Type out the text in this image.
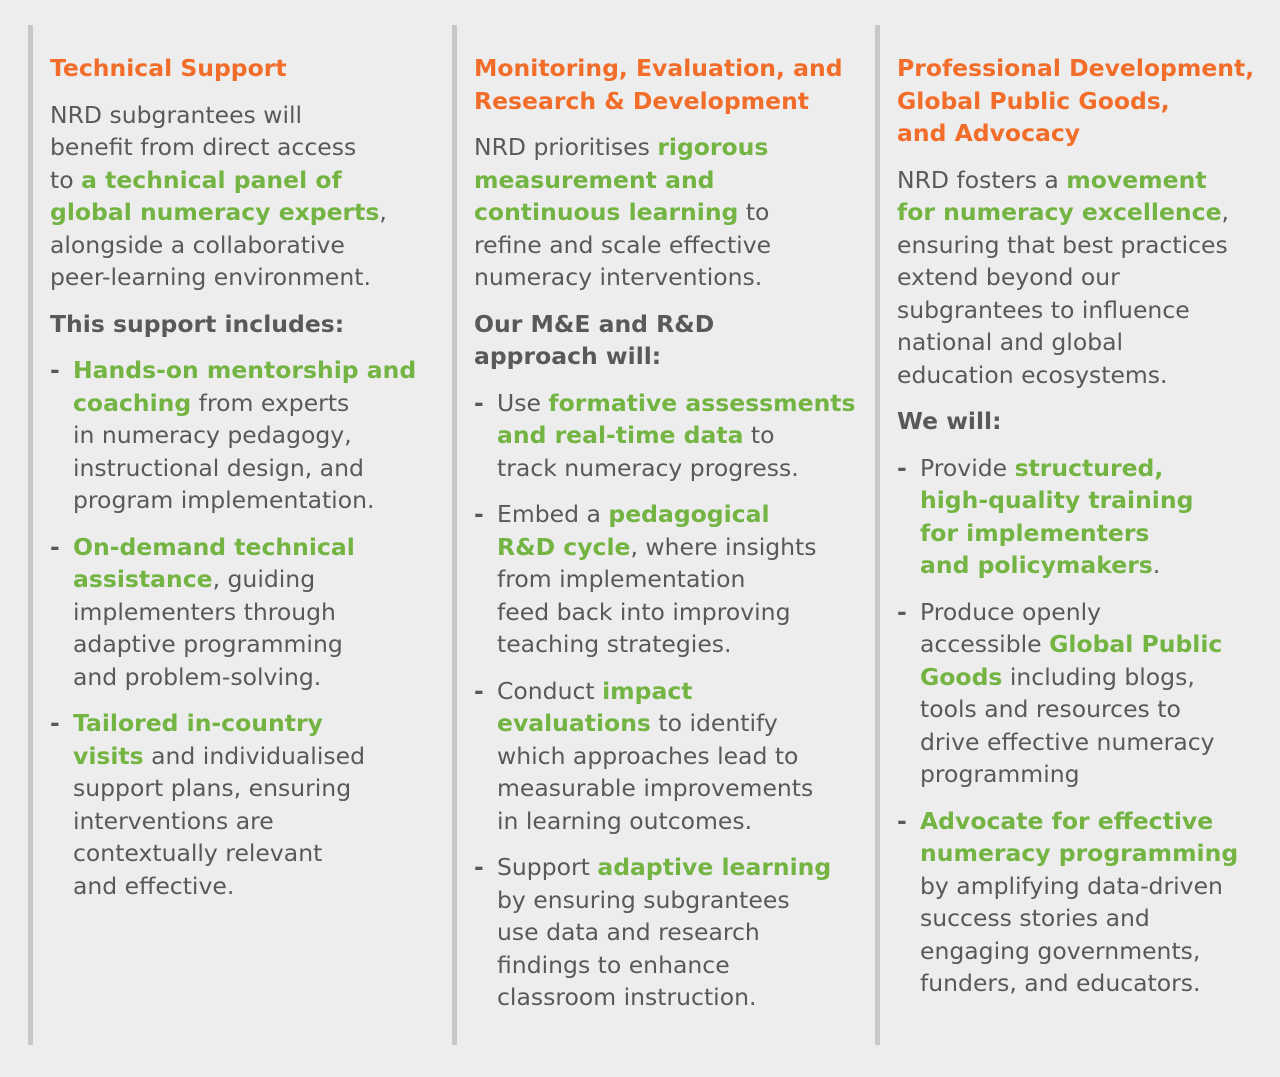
Technical Support
NRD subgrantees will
benefit from direct access
to a technical panel of
global numeracy experts,
alongside a collaborative
peer-learning environment.
This support includes:
- Hands-on mentorship and
coaching from experts
in numeracy pedagogy,
instructional design, and
program implementation.
- On-demand technical
assistance, guiding
implementers through
adaptive programming
and problem-solving.
- Tailored in-country
visits and individualised
support plans, ensuring
interventions are
contextually relevant
and effective.
Monitoring, Evaluation, and
Research & Development
NRD prioritises rigorous
measurement and
continuous learning to
refine and scale effective
numeracy interventions.
Our M&E and R&D
approach will:
- Use formative assessments
and real-time data to
track numeracy progress.
- Embed a pedagogical
R&D cycle, where insights
from implementation
feed back into improving
teaching strategies.
- Conduct impact
evaluations to identify
which approaches lead to
measurable improvements
in learning outcomes.
- Support adaptive learning
by ensuring subgrantees
use data and research
findings to enhance
classroom instruction.
Professional Development,
Global Public Goods,
and Advocacy
NRD fosters a movement
for numeracy excellence,
ensuring that best practices
extend beyond our
subgrantees to influence
national and global
education ecosystems.
We will:
- Provide structured,
high-quality training
for implementers
and policymakers.
- Produce openly
accessible Global Public
Goods including blogs,
tools and resources to
drive effective numeracy
programming
- Advocate for effective
numeracy programming
by amplifying data-driven
success stories and
engaging governments,
funders, and educators.
